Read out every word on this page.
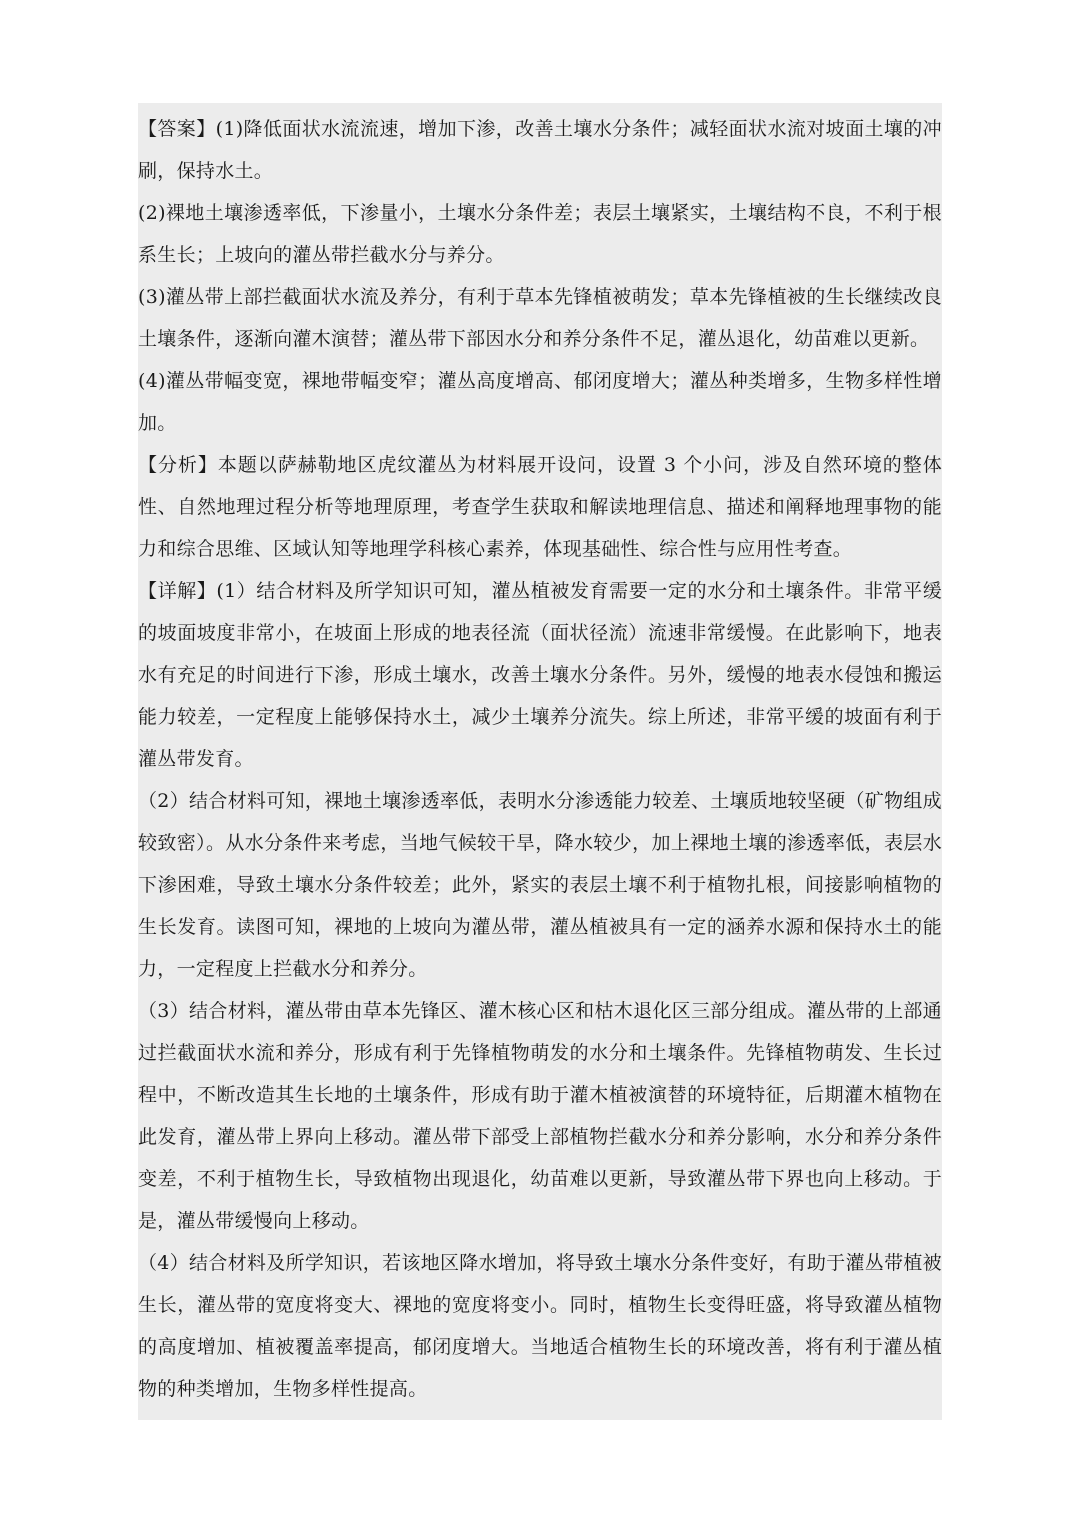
【答案】(1)降低面状水流流速，增加下渗，改善土壤水分条件；减轻面状水流对坡面土壤的冲刷，保持水土。

(2)裸地土壤渗透率低，下渗量小，土壤水分条件差；表层土壤紧实，土壤结构不良，不利于根系生长；上坡向的灌丛带拦截水分与养分。

(3)灌丛带上部拦截面状水流及养分，有利于草本先锋植被萌发；草本先锋植被的生长继续改良土壤条件，逐渐向灌木演替；灌丛带下部因水分和养分条件不足，灌丛退化，幼苗难以更新。

(4)灌丛带幅变宽，裸地带幅变窄；灌丛高度增高、郁闭度增大；灌丛种类增多，生物多样性增加。

【分析】本题以萨赫勒地区虎纹灌丛为材料展开设问，设置 3 个小问，涉及自然环境的整体性、自然地理过程分析等地理原理，考查学生获取和解读地理信息、描述和阐释地理事物的能力和综合思维、区域认知等地理学科核心素养，体现基础性、综合性与应用性考查。

【详解】(1）结合材料及所学知识可知，灌丛植被发育需要一定的水分和土壤条件。非常平缓的坡面坡度非常小，在坡面上形成的地表径流（面状径流）流速非常缓慢。在此影响下，地表水有充足的时间进行下渗，形成土壤水，改善土壤水分条件。另外，缓慢的地表水侵蚀和搬运能力较差，一定程度上能够保持水土，减少土壤养分流失。综上所述，非常平缓的坡面有利于灌丛带发育。

（2）结合材料可知，裸地土壤渗透率低，表明水分渗透能力较差、土壤质地较坚硬（矿物组成较致密）。从水分条件来考虑，当地气候较干旱，降水较少，加上裸地土壤的渗透率低，表层水下渗困难，导致土壤水分条件较差；此外，紧实的表层土壤不利于植物扎根，间接影响植物的生长发育。读图可知，裸地的上坡向为灌丛带，灌丛植被具有一定的涵养水源和保持水土的能力，一定程度上拦截水分和养分。

（3）结合材料，灌丛带由草本先锋区、灌木核心区和枯木退化区三部分组成。灌丛带的上部通过拦截面状水流和养分，形成有利于先锋植物萌发的水分和土壤条件。先锋植物萌发、生长过程中，不断改造其生长地的土壤条件，形成有助于灌木植被演替的环境特征，后期灌木植物在此发育，灌丛带上界向上移动。灌丛带下部受上部植物拦截水分和养分影响，水分和养分条件变差，不利于植物生长，导致植物出现退化，幼苗难以更新，导致灌丛带下界也向上移动。于是，灌丛带缓慢向上移动。

（4）结合材料及所学知识，若该地区降水增加，将导致土壤水分条件变好，有助于灌丛带植被生长，灌丛带的宽度将变大、裸地的宽度将变小。同时，植物生长变得旺盛，将导致灌丛植物的高度增加、植被覆盖率提高，郁闭度增大。当地适合植物生长的环境改善，将有利于灌丛植物的种类增加，生物多样性提高。
